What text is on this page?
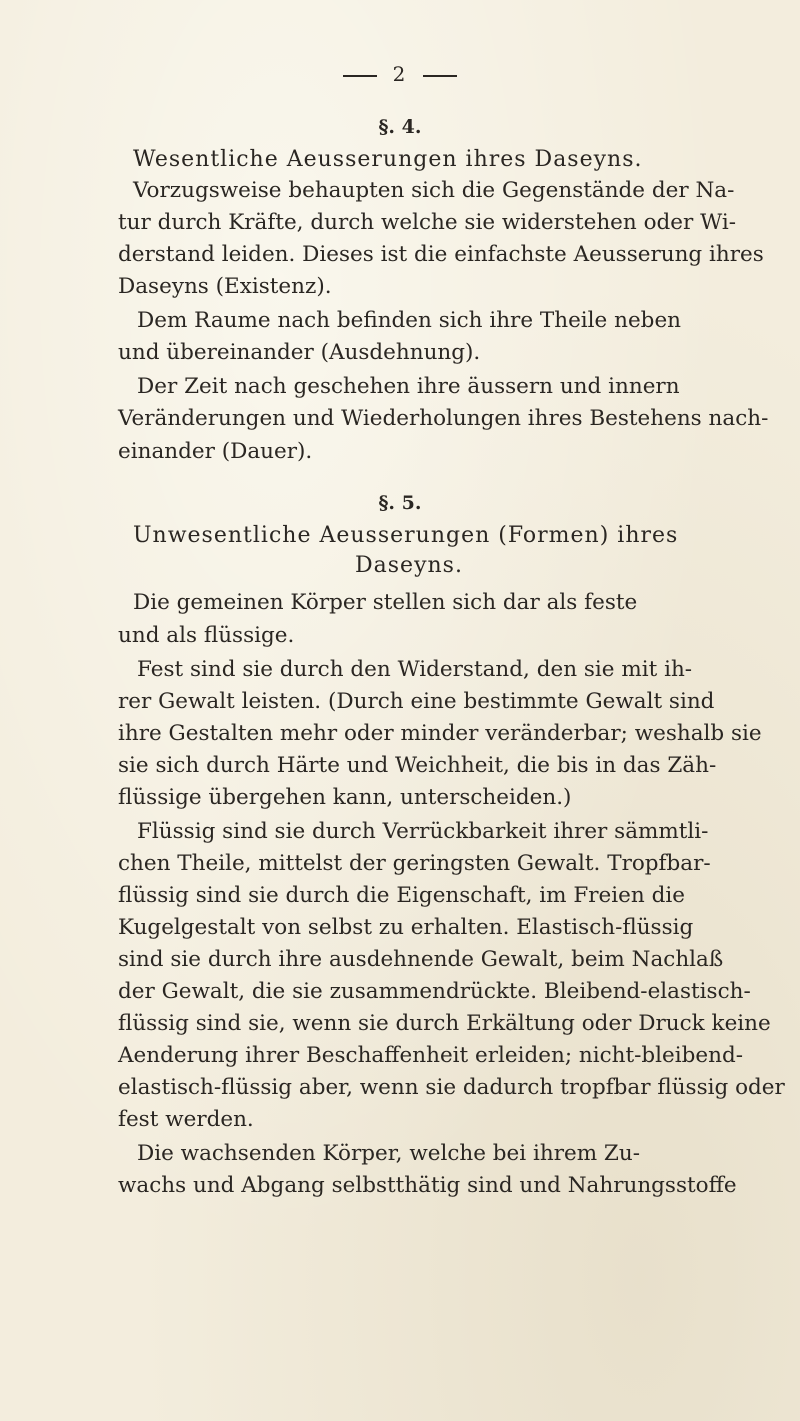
2
§. 4.
Wesentliche Aeusserungen ihres Daseyns.
Vorzugsweise behaupten sich die Gegenstände der Na-
tur durch Kräfte, durch welche sie widerstehen oder Wi-
derstand leiden. Dieses ist die einfachste Aeusserung ihres
Daseyns (Existenz).
Dem Raume nach befinden sich ihre Theile neben
und übereinander (Ausdehnung).
Der Zeit nach geschehen ihre äussern und innern
Veränderungen und Wiederholungen ihres Bestehens nach-
einander (Dauer).
§. 5.
Unwesentliche Aeusserungen (Formen) ihres
Daseyns.
Die gemeinen Körper stellen sich dar als feste
und als flüssige.
Fest sind sie durch den Widerstand, den sie mit ih-
rer Gewalt leisten. (Durch eine bestimmte Gewalt sind
ihre Gestalten mehr oder minder veränderbar; weshalb sie
sie sich durch Härte und Weichheit, die bis in das Zäh-
flüssige übergehen kann, unterscheiden.)
Flüssig sind sie durch Verrückbarkeit ihrer sämmtli-
chen Theile, mittelst der geringsten Gewalt. Tropfbar-
flüssig sind sie durch die Eigenschaft, im Freien die
Kugelgestalt von selbst zu erhalten. Elastisch-flüssig
sind sie durch ihre ausdehnende Gewalt, beim Nachlaß
der Gewalt, die sie zusammendrückte. Bleibend-elastisch-
flüssig sind sie, wenn sie durch Erkältung oder Druck keine
Aenderung ihrer Beschaffenheit erleiden; nicht-bleibend-
elastisch-flüssig aber, wenn sie dadurch tropfbar flüssig oder
fest werden.
Die wachsenden Körper, welche bei ihrem Zu-
wachs und Abgang selbstthätig sind und Nahrungsstoffe
